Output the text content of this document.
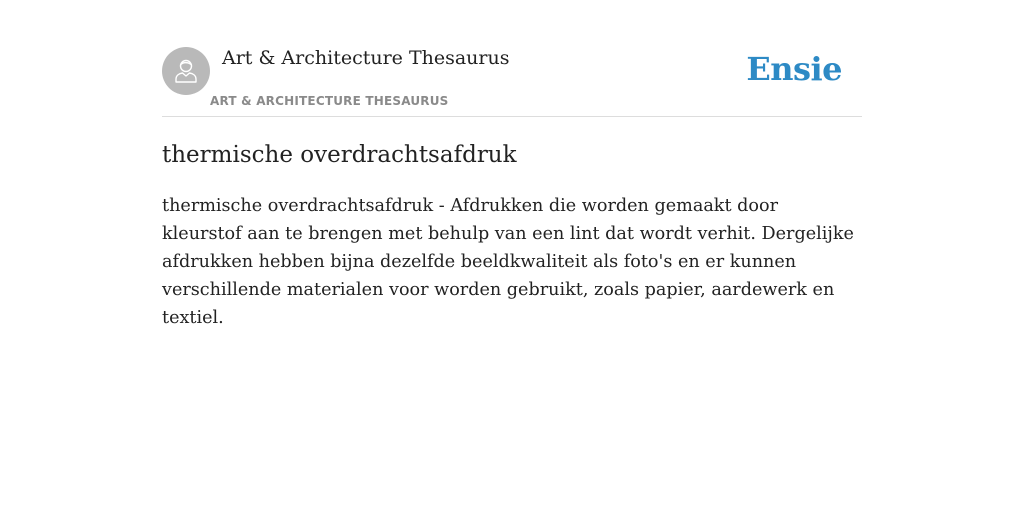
Art & Architecture Thesaurus
ART & ARCHITECTURE THESAURUS
Ensie
thermische overdrachtsafdruk

thermische overdrachtsafdruk - Afdrukken die worden gemaakt door kleurstof aan te brengen met behulp van een lint dat wordt verhit. Dergelijke afdrukken hebben bijna dezelfde beeldkwaliteit als foto's en er kunnen verschillende materialen voor worden gebruikt, zoals papier, aardewerk en textiel.
